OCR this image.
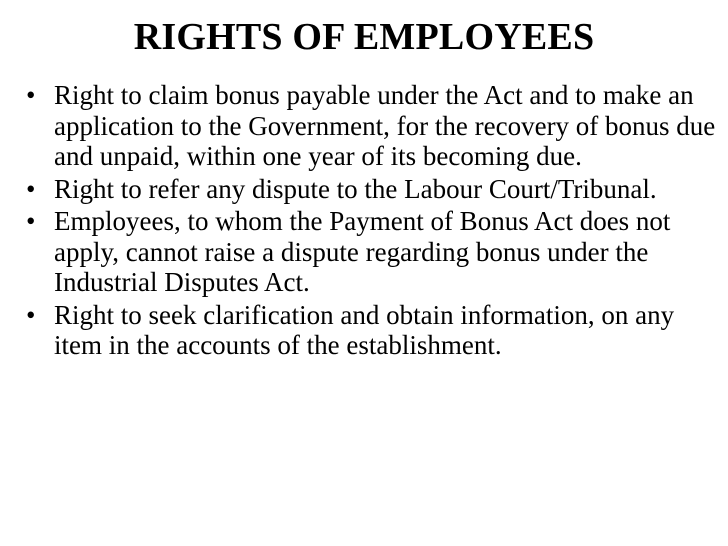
RIGHTS OF EMPLOYEES
• Right to claim bonus payable under the Act and to make an application to the Government, for the recovery of bonus due and unpaid, within one year of its becoming due.
• Right to refer any dispute to the Labour Court/Tribunal.
• Employees, to whom the Payment of Bonus Act does not apply, cannot raise a dispute regarding bonus under the Industrial Disputes Act.
• Right to seek clarification and obtain information, on any item in the accounts of the establishment.
